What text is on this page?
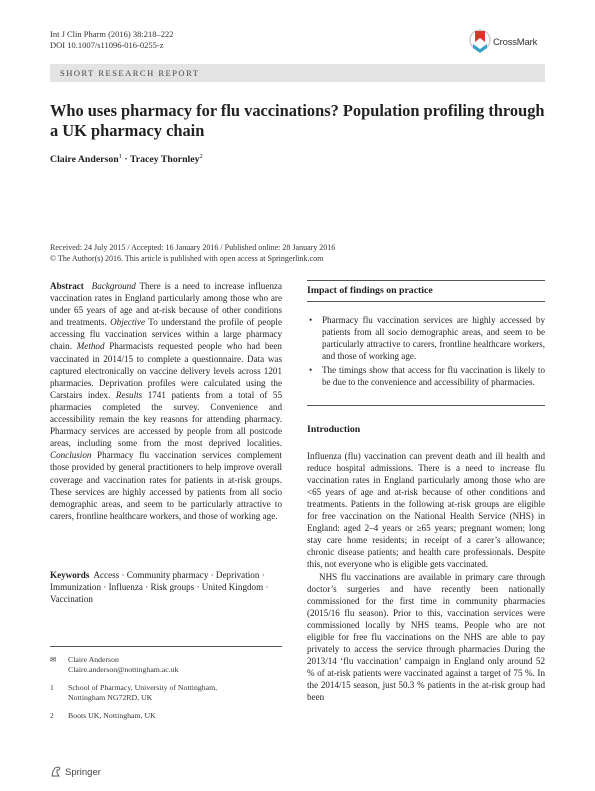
Int J Clin Pharm (2016) 38:218–222
DOI 10.1007/s11096-016-0255-z	CrossMark
SHORT RESEARCH REPORT
Who uses pharmacy for flu vaccinations? Population profiling through a UK pharmacy chain
Claire Anderson$^1$ · Tracey Thornley$^2$
Received: 24 July 2015 / Accepted: 16 January 2016 / Published online: 28 January 2016
© The Author(s) 2016. This article is published with open access at Springerlink.com

Abstract Background There is a need to increase influenza vaccination rates in England particularly among those who are under 65 years of age and at-risk because of other conditions and treatments. Objective To understand the profile of people accessing flu vaccination services within a large pharmacy chain. Method Pharmacists requested people who had been vaccinated in 2014/15 to complete a questionnaire. Data was captured electronically on vaccine delivery levels across 1201 pharmacies. Deprivation profiles were calculated using the Carstairs index. Results 1741 patients from a total of 55 pharmacies completed the survey. Convenience and accessibility remain the key reasons for attending pharmacy. Pharmacy services are accessed by people from all postcode areas, including some from the most deprived localities. Conclusion Pharmacy flu vaccination services complement those provided by general practitioners to help improve overall coverage and vaccination rates for patients in at-risk groups. These services are highly accessed by patients from all socio demographic areas, and seem to be particularly attractive to carers, frontline healthcare workers, and those of working age.

Keywords Access · Community pharmacy · Deprivation · Immunization · Influenza · Risk groups · United Kingdom · Vaccination
✉ Claire Anderson
Claire.anderson@nottingham.ac.uk
1 School of Pharmacy, University of Nottingham,
Nottingham NG72RD, UK
2 Boots UK, Nottingham, UK
Springer

Impact of findings on practice

• Pharmacy flu vaccination services are highly accessed by patients from all socio demographic areas, and seem to be particularly attractive to carers, frontline healthcare workers, and those of working age.
• The timings show that access for flu vaccination is likely to be due to the convenience and accessibility of pharmacies.
Introduction

Influenza (flu) vaccination can prevent death and ill health and reduce hospital admissions. There is a need to increase flu vaccination rates in England particularly among those who are <65 years of age and at-risk because of other conditions and treatments. Patients in the following at-risk groups are eligible for free vaccination on the National Health Service (NHS) in England: aged 2–4 years or ≥65 years; pregnant women; long stay care home residents; in receipt of a carer’s allowance; chronic disease patients; and health care professionals. Despite this, not everyone who is eligible gets vaccinated.

NHS flu vaccinations are available in primary care through doctor’s surgeries and have recently been nationally commissioned for the first time in community pharmacies (2015/16 flu season). Prior to this, vaccination services were commissioned locally by NHS teams. People who are not eligible for free flu vaccinations on the NHS are able to pay privately to access the service through pharmacies During the 2013/14 ‘flu vaccination’ campaign in England only around 52 % of at-risk patients were vaccinated against a target of 75 %. In the 2014/15 season, just 50.3 % patients in the at-risk group had been
